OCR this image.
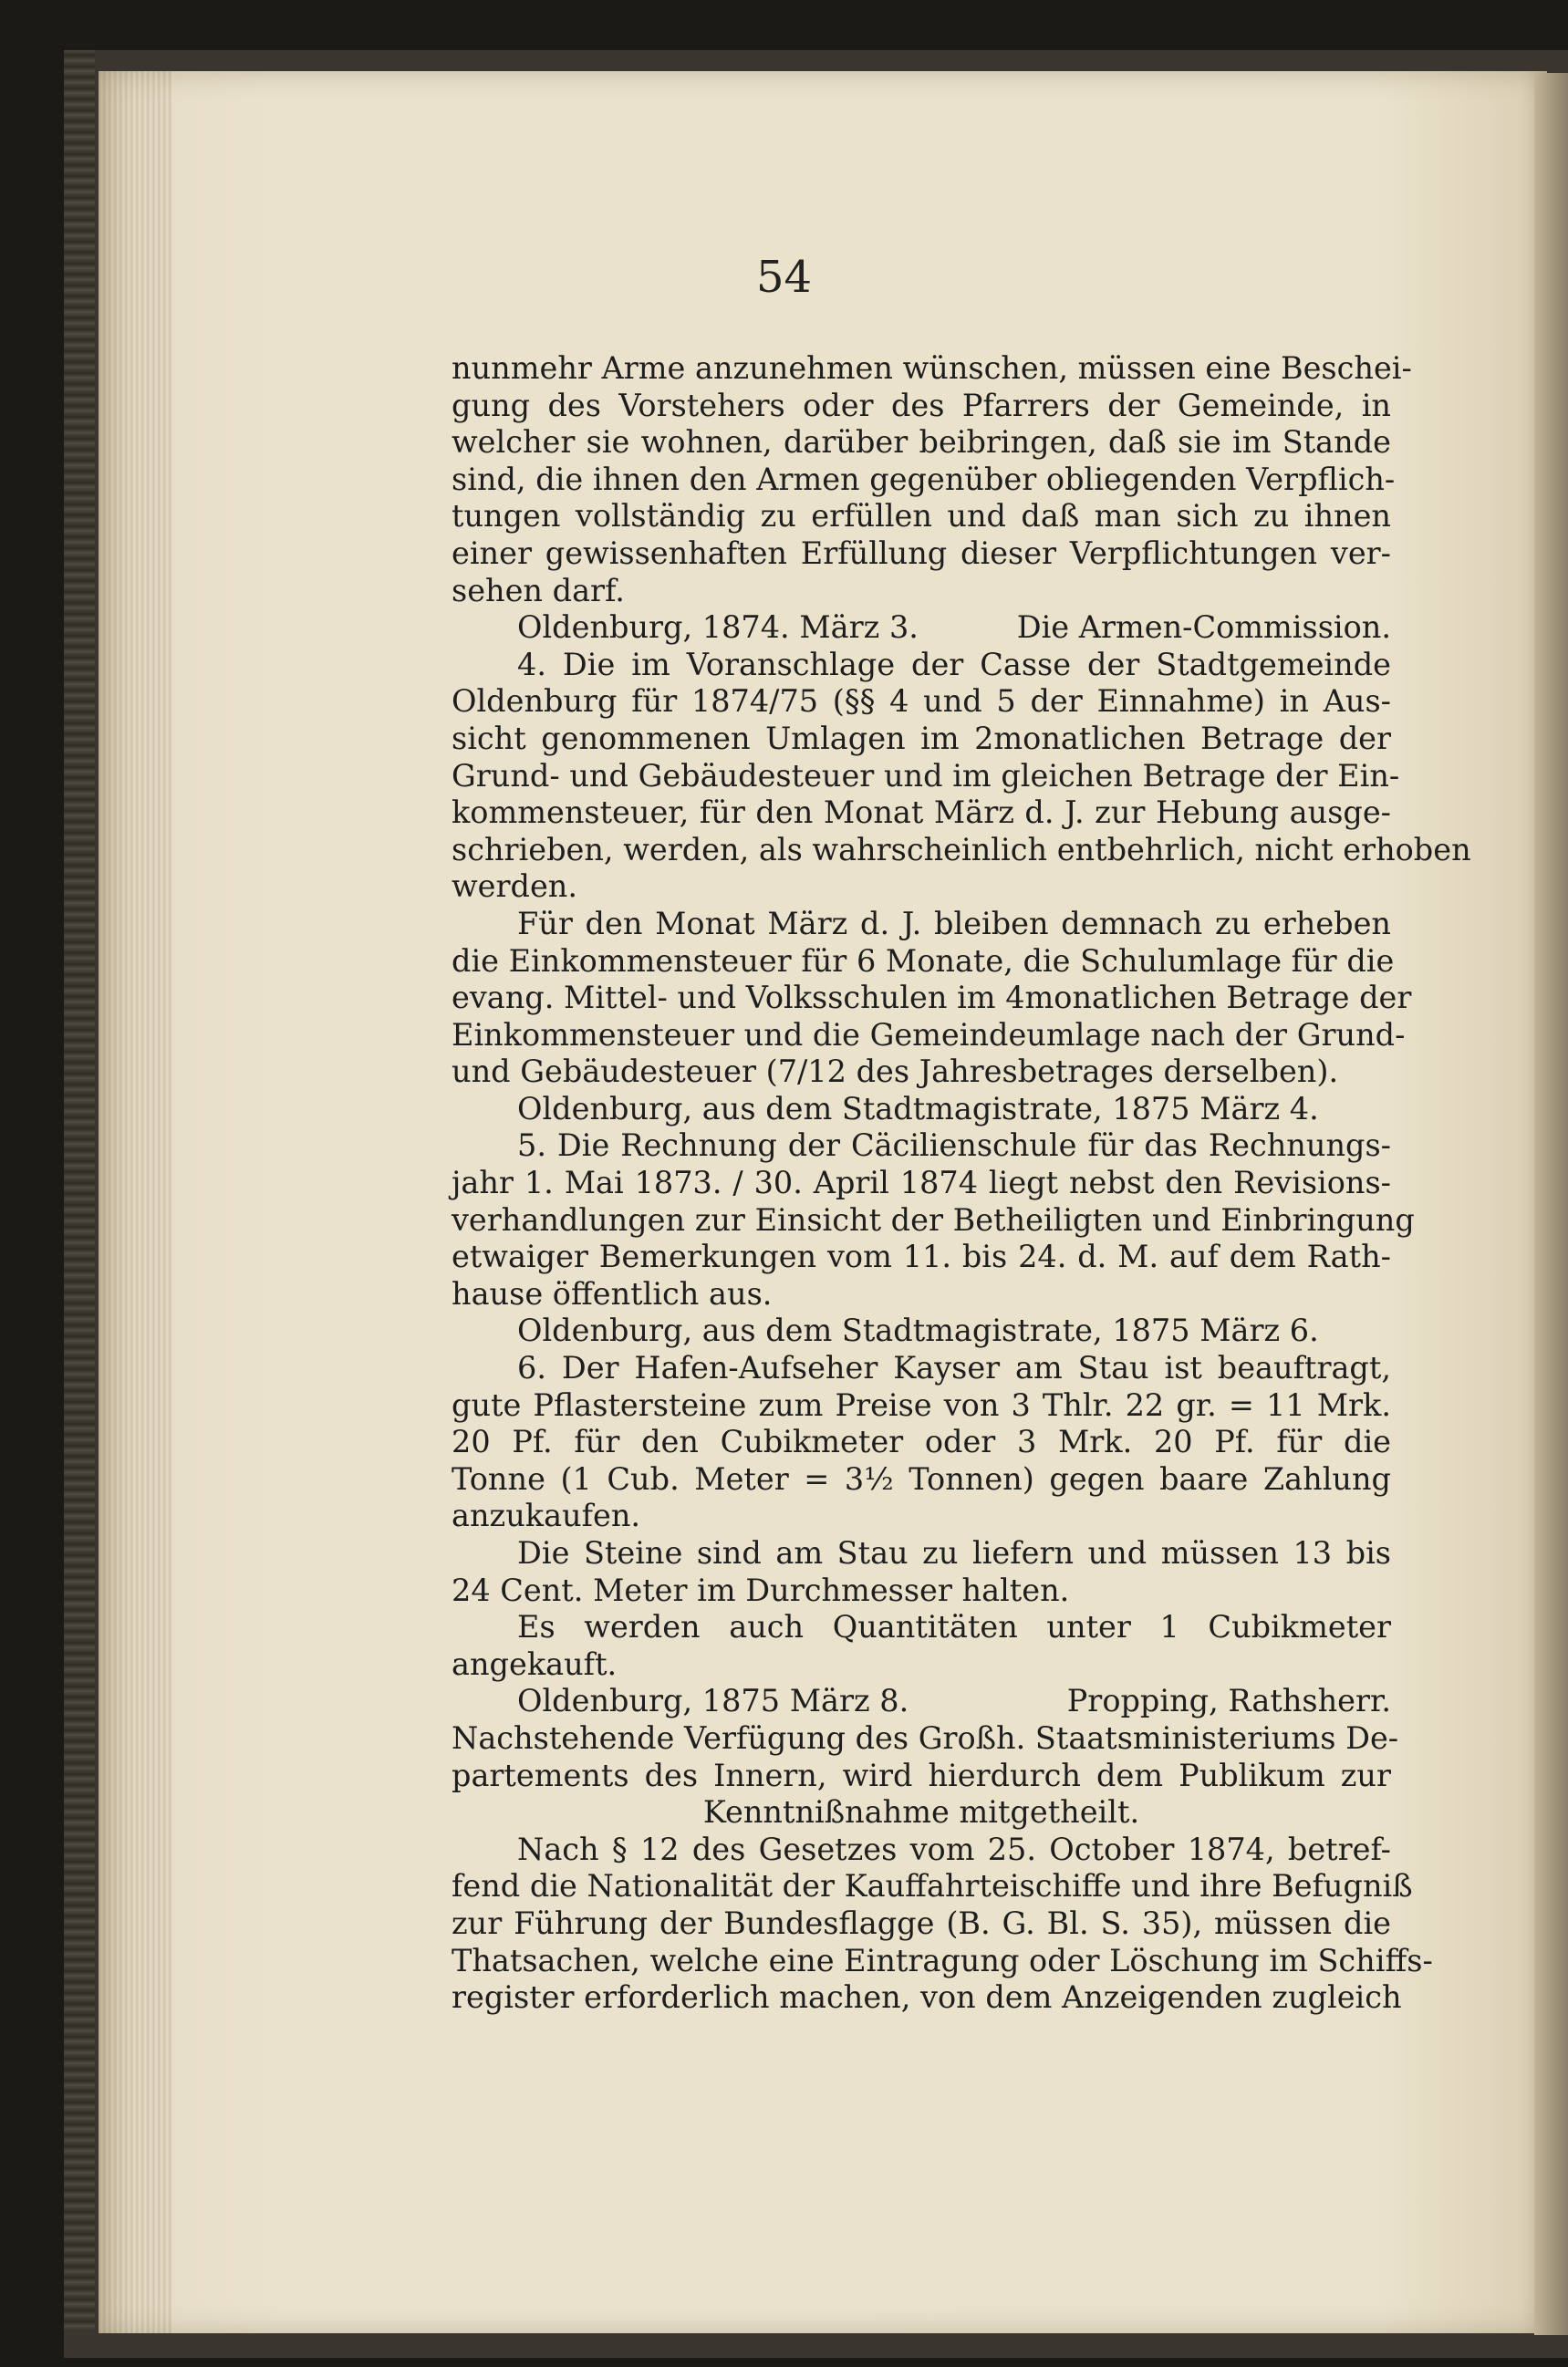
54
nunmehr Arme anzunehmen wünschen, müssen eine Beschei-
gung des Vorstehers oder des Pfarrers der Gemeinde, in
welcher sie wohnen, darüber beibringen, daß sie im Stande
sind, die ihnen den Armen gegenüber obliegenden Verpflich-
tungen vollständig zu erfüllen und daß man sich zu ihnen
einer gewissenhaften Erfüllung dieser Verpflichtungen ver-
sehen darf.
Oldenburg, 1874. März 3.	Die Armen-Commission.
4. Die im Voranschlage der Casse der Stadtgemeinde
Oldenburg für 1874/75 (§§ 4 und 5 der Einnahme) in Aus-
sicht genommenen Umlagen im 2monatlichen Betrage der
Grund- und Gebäudesteuer und im gleichen Betrage der Ein-
kommensteuer, für den Monat März d. J. zur Hebung ausge-
schrieben, werden, als wahrscheinlich entbehrlich, nicht erhoben
werden.
Für den Monat März d. J. bleiben demnach zu erheben
die Einkommensteuer für 6 Monate, die Schulumlage für die
evang. Mittel- und Volksschulen im 4monatlichen Betrage der
Einkommensteuer und die Gemeindeumlage nach der Grund-
und Gebäudesteuer (7/12 des Jahresbetrages derselben).
Oldenburg, aus dem Stadtmagistrate, 1875 März 4.
5. Die Rechnung der Cäcilienschule für das Rechnungs-
jahr 1. Mai 1873. / 30. April 1874 liegt nebst den Revisions-
verhandlungen zur Einsicht der Betheiligten und Einbringung
etwaiger Bemerkungen vom 11. bis 24. d. M. auf dem Rath-
hause öffentlich aus.
Oldenburg, aus dem Stadtmagistrate, 1875 März 6.
6. Der Hafen-Aufseher Kayser am Stau ist beauftragt,
gute Pflastersteine zum Preise von 3 Thlr. 22 gr. = 11 Mrk.
20 Pf. für den Cubikmeter oder 3 Mrk. 20 Pf. für die
Tonne (1 Cub. Meter = 3½ Tonnen) gegen baare Zahlung
anzukaufen.
Die Steine sind am Stau zu liefern und müssen 13 bis
24 Cent. Meter im Durchmesser halten.
Es werden auch Quantitäten unter 1 Cubikmeter
angekauft.
Oldenburg, 1875 März 8.	Propping, Rathsherr.
Nachstehende Verfügung des Großh. Staatsministeriums De-
partements des Innern, wird hierdurch dem Publikum zur
Kenntnißnahme mitgetheilt.
Nach § 12 des Gesetzes vom 25. October 1874, betref-
fend die Nationalität der Kauffahrteischiffe und ihre Befugniß
zur Führung der Bundesflagge (B. G. Bl. S. 35), müssen die
Thatsachen, welche eine Eintragung oder Löschung im Schiffs-
register erforderlich machen, von dem Anzeigenden zugleich
